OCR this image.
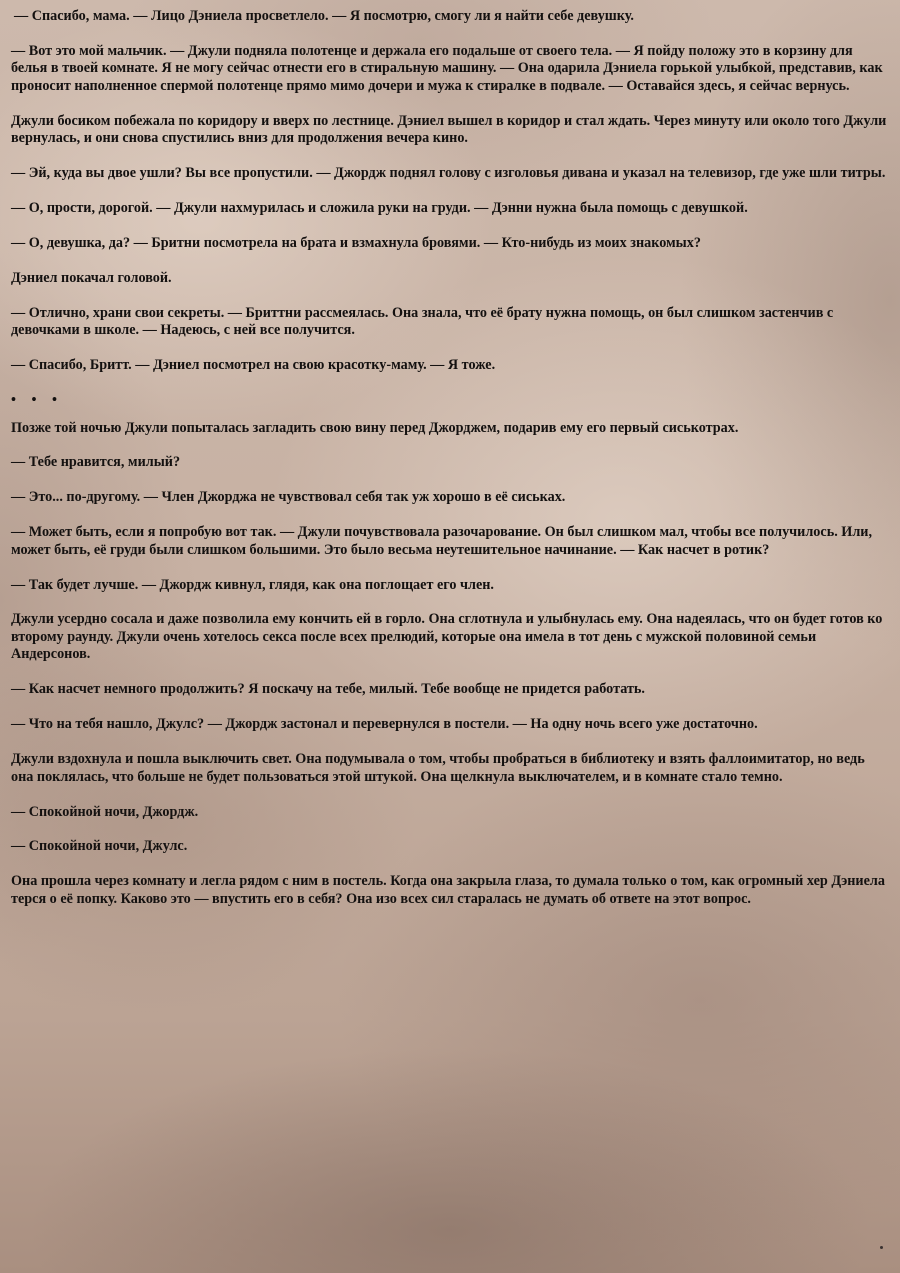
— Спасибо, мама. — Лицо Дэниела просветлело. — Я посмотрю, смогу ли я найти себе девушку.

— Вот это мой мальчик. — Джули подняла полотенце и держала его подальше от своего тела. — Я пойду положу это в корзину для белья в твоей комнате. Я не могу сейчас отнести его в стиральную машину. — Она одарила Дэниела горькой улыбкой, представив, как проносит наполненное спермой полотенце прямо мимо дочери и мужа к стиралке в подвале. — Оставайся здесь, я сейчас вернусь.

Джули босиком побежала по коридору и вверх по лестнице. Дэниел вышел в коридор и стал ждать. Через минуту или около того Джули вернулась, и они снова спустились вниз для продолжения вечера кино.

— Эй, куда вы двое ушли? Вы все пропустили. — Джордж поднял голову с изголовья дивана и указал на телевизор, где уже шли титры.

— О, прости, дорогой. — Джули нахмурилась и сложила руки на груди. — Дэнни нужна была помощь с девушкой.

— О, девушка, да? — Бритни посмотрела на брата и взмахнула бровями. — Кто-нибудь из моих знакомых?

Дэниел покачал головой.

— Отлично, храни свои секреты. — Бриттни рассмеялась. Она знала, что её брату нужна помощь, он был слишком застенчив с девочками в школе. — Надеюсь, с ней все получится.

— Спасибо, Бритт. — Дэниел посмотрел на свою красотку-маму. — Я тоже.

• • •

Позже той ночью Джули попыталась загладить свою вину перед Джорджем, подарив ему его первый сиськотрах.

— Тебе нравится, милый?

— Это... по-другому. — Член Джорджа не чувствовал себя так уж хорошо в её сиськах.

— Может быть, если я попробую вот так. — Джули почувствовала разочарование. Он был слишком мал, чтобы все получилось. Или, может быть, её груди были слишком большими. Это было весьма неутешительное начинание. — Как насчет в ротик?

— Так будет лучше. — Джордж кивнул, глядя, как она поглощает его член.

Джули усердно сосала и даже позволила ему кончить ей в горло. Она сглотнула и улыбнулась ему. Она надеялась, что он будет готов ко второму раунду. Джули очень хотелось секса после всех прелюдий, которые она имела в тот день с мужской половиной семьи Андерсонов.

— Как насчет немного продолжить? Я поскачу на тебе, милый. Тебе вообще не придется работать.

— Что на тебя нашло, Джулс? — Джордж застонал и перевернулся в постели. — На одну ночь всего уже достаточно.

Джули вздохнула и пошла выключить свет. Она подумывала о том, чтобы пробраться в библиотеку и взять фаллоимитатор, но ведь она поклялась, что больше не будет пользоваться этой штукой. Она щелкнула выключателем, и в комнате стало темно.

— Спокойной ночи, Джордж.

— Спокойной ночи, Джулс.

Она прошла через комнату и легла рядом с ним в постель. Когда она закрыла глаза, то думала только о том, как огромный хер Дэниела терся о её попку. Каково это — впустить его в себя? Она изо всех сил старалась не думать об ответе на этот вопрос.
